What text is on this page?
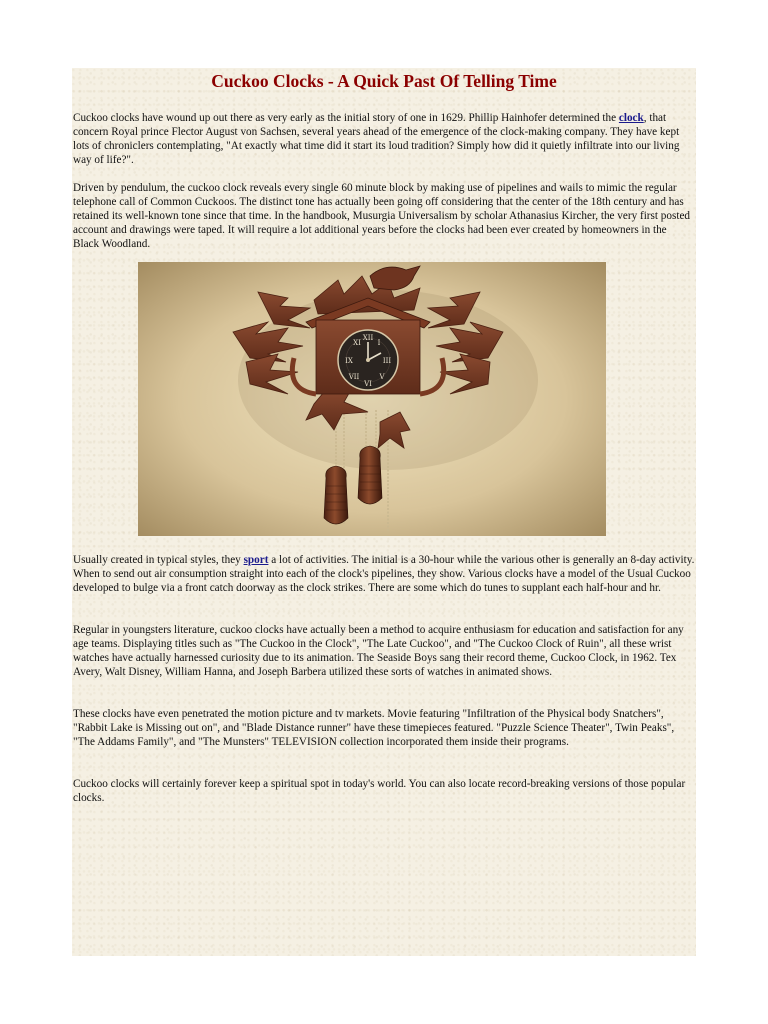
Cuckoo Clocks - A Quick Past Of Telling Time

Cuckoo clocks have wound up out there as very early as the initial story of one in 1629. Phillip Hainhofer determined the clock, that concern Royal prince Flector August von Sachsen, several years ahead of the emergence of the clock-making company. They have kept lots of chroniclers contemplating, "At exactly what time did it start its loud tradition? Simply how did it quietly infiltrate into our living way of life?".

Driven by pendulum, the cuckoo clock reveals every single 60 minute block by making use of pipelines and wails to mimic the regular telephone call of Common Cuckoos. The distinct tone has actually been going off considering that the center of the 18th century and has retained its well-known tone since that time. In the handbook, Musurgia Universalism by scholar Athanasius Kircher, the very first posted account and drawings were taped. It will require a lot additional years before the clocks had been ever created by homeowners in the Black Woodland.

XII
III
VI
IX
I
XI
V
VII

Usually created in typical styles, they sport a lot of activities. The initial is a 30-hour while the various other is generally an 8-day activity. When to send out air consumption straight into each of the clock's pipelines, they show. Various clocks have a model of the Usual Cuckoo developed to bulge via a front catch doorway as the clock strikes. There are some which do tunes to supplant each half-hour and hr.

Regular in youngsters literature, cuckoo clocks have actually been a method to acquire enthusiasm for education and satisfaction for any age teams. Displaying titles such as "The Cuckoo in the Clock", "The Late Cuckoo", and "The Cuckoo Clock of Ruin", all these wrist watches have actually harnessed curiosity due to its animation. The Seaside Boys sang their record theme, Cuckoo Clock, in 1962. Tex Avery, Walt Disney, William Hanna, and Joseph Barbera utilized these sorts of watches in animated shows.

These clocks have even penetrated the motion picture and tv markets. Movie featuring "Infiltration of the Physical body Snatchers", "Rabbit Lake is Missing out on", and "Blade Distance runner" have these timepieces featured. "Puzzle Science Theater", Twin Peaks", "The Addams Family", and "The Munsters" TELEVISION collection incorporated them inside their programs.

Cuckoo clocks will certainly forever keep a spiritual spot in today's world. You can also locate record-breaking versions of those popular clocks.
